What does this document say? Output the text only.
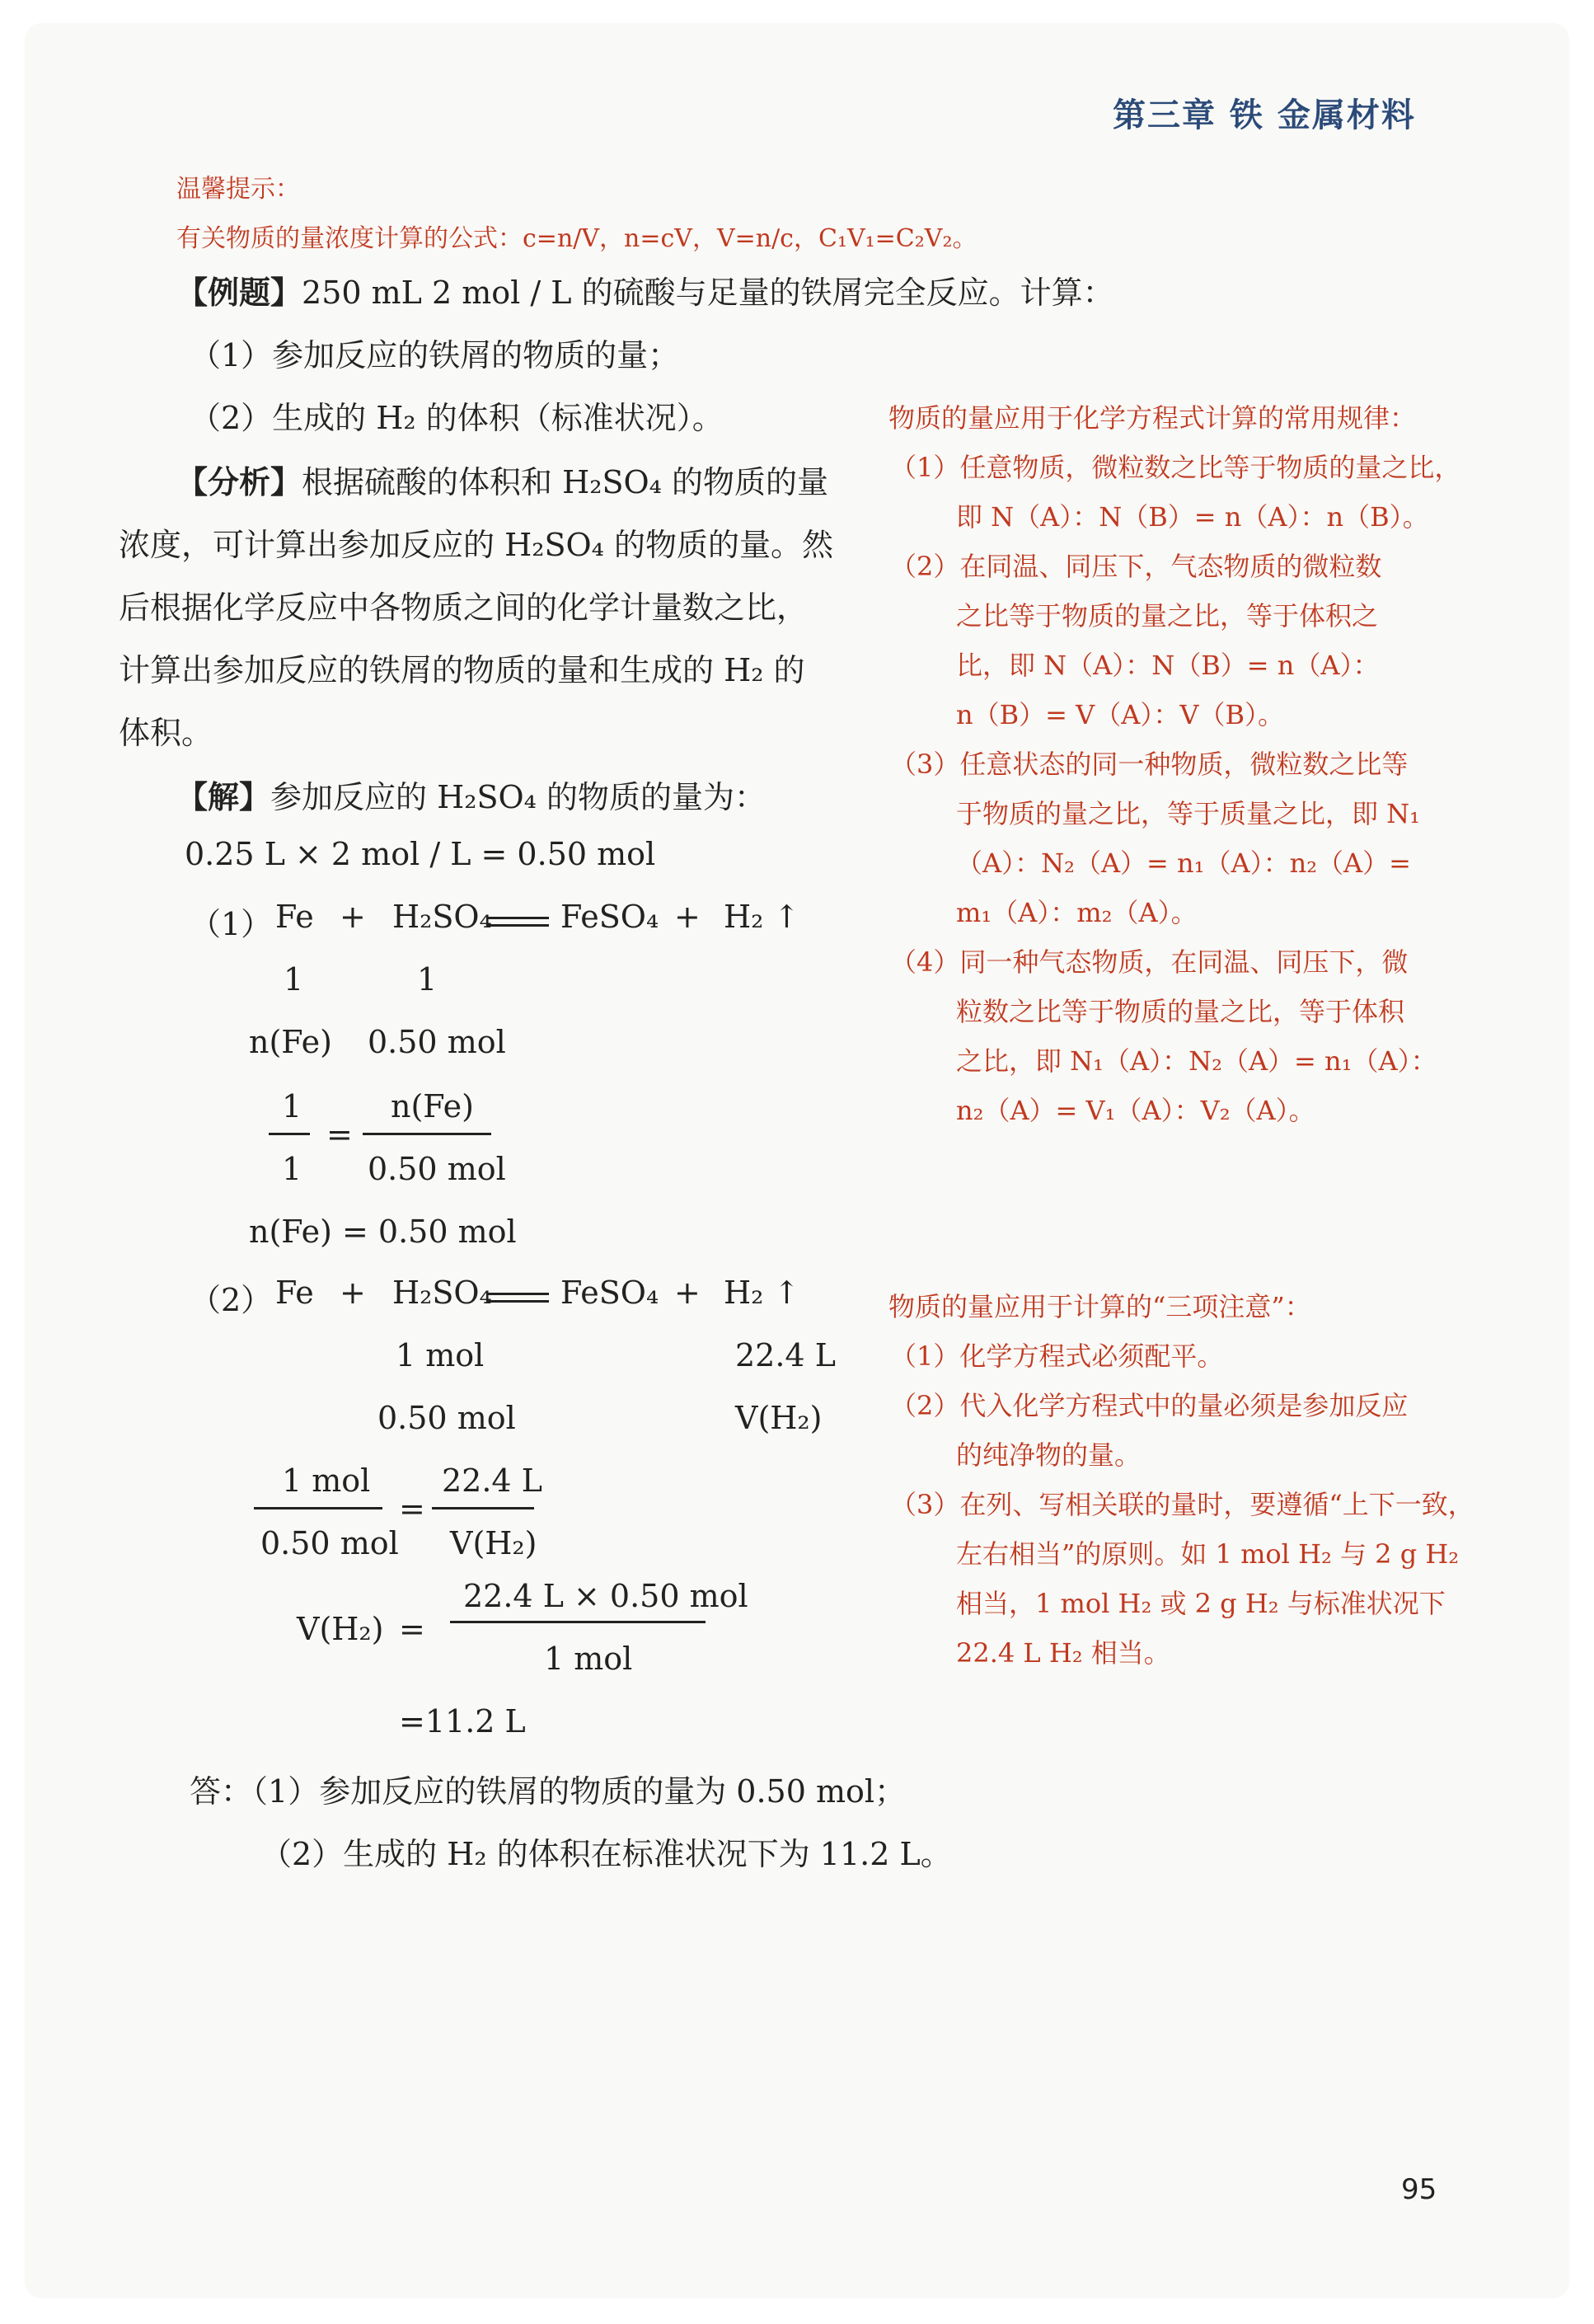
第三章 铁 金属材料
温馨提示：
有关物质的量浓度计算的公式：c=n/V，n=cV，V=n/c，C₁V₁=C₂V₂。
【例题】250 mL 2 mol / L 的硫酸与足量的铁屑完全反应。计算：
（1）参加反应的铁屑的物质的量；
（2）生成的 H₂ 的体积（标准状况）。
【分析】根据硫酸的体积和 H₂SO₄ 的物质的量
浓度，可计算出参加反应的 H₂SO₄ 的物质的量。然
后根据化学反应中各物质之间的化学计量数之比，
计算出参加反应的铁屑的物质的量和生成的 H₂ 的
体积。
【解】参加反应的 H₂SO₄ 的物质的量为：
0.25 L × 2 mol / L = 0.50 mol
（1） Fe + H₂SO₄ FeSO₄ + H₂ ↑
1	1
n(Fe) 0.50 mol
1
1
=
n(Fe)
0.50 mol
n(Fe) = 0.50 mol
（2） Fe + H₂SO₄ FeSO₄ + H₂ ↑
1 mol	22.4 L
0.50 mol	V(H₂)
1 mol
0.50 mol
=
22.4 L
V(H₂)
V(H₂) =
22.4 L × 0.50 mol
1 mol
=11.2 L
答：（1）参加反应的铁屑的物质的量为 0.50 mol；
（2）生成的 H₂ 的体积在标准状况下为 11.2 L。
物质的量应用于化学方程式计算的常用规律：
（1）任意物质，微粒数之比等于物质的量之比，
即 N（A）：N（B）= n（A）：n（B）。
（2）在同温、同压下，气态物质的微粒数
之比等于物质的量之比，等于体积之
比，即 N（A）：N（B）= n（A）：
n（B）= V（A）：V（B）。
（3）任意状态的同一种物质，微粒数之比等
于物质的量之比，等于质量之比，即 N₁
（A）：N₂（A）= n₁（A）：n₂（A）=
m₁（A）：m₂（A）。
（4）同一种气态物质，在同温、同压下，微
粒数之比等于物质的量之比，等于体积
之比，即 N₁（A）：N₂（A）= n₁（A）：
n₂（A）= V₁（A）：V₂（A）。
物质的量应用于计算的“三项注意”：
（1）化学方程式必须配平。
（2）代入化学方程式中的量必须是参加反应
的纯净物的量。
（3）在列、写相关联的量时，要遵循“上下一致，
左右相当”的原则。如 1 mol H₂ 与 2 g H₂
相当，1 mol H₂ 或 2 g H₂ 与标准状况下
22.4 L H₂ 相当。
95
